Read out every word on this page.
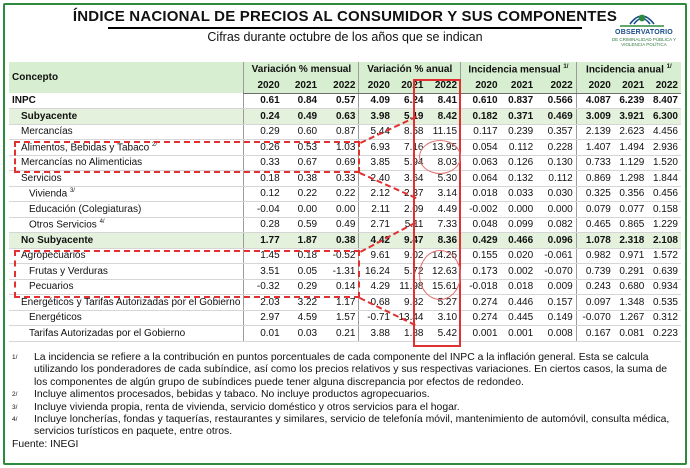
ÍNDICE NACIONAL DE PRECIOS AL CONSUMIDOR Y SUS COMPONENTES
Cifras durante octubre de los años que se indican	OBSERVATORIO
DE CRIMINALIDAD PÚBLICA Y VIOLENCIA POLÍTICA
Concepto	Variación % mensual			Variación % anual			Incidencia mensual $^{1/}$			Incidencia anual $^{1/}$
	2020	2021	2022	2020	2021	2022	2020	2021	2022	2020	2021	2022
INPC	0.61	0.84	0.57	4.09	6.24	8.41	0.610	0.837	0.566	4.087	6.239	8.407
Subyacente	0.24	0.49	0.63	3.98	5.19	8.42	0.182	0.371	0.469	3.009	3.921	6.300
Mercancías	0.29	0.60	0.87	5.44	8.58	11.15	0.117	0.239	0.357	2.139	2.623	4.456
Alimentos, Bebidas y Tabaco $^{2/}$	0.26	0.53	1.03	6.93	7.16	13.95	0.054	0.112	0.228	1.407	1.494	2.936
Mercancías no Alimenticias	0.33	0.67	0.69	3.85	5.94	8.03	0.063	0.126	0.130	0.733	1.129	1.520
Servicios	0.18	0.38	0.33	2.40	3.64	5.30	0.064	0.132	0.112	0.869	1.298	1.844
Vivienda $^{3/}$	0.12	0.22	0.22	2.12	2.37	3.14	0.018	0.033	0.030	0.325	0.356	0.456
Educación (Colegiaturas)	-0.04	0.00	0.00	2.11	2.09	4.49	-0.002	0.000	0.000	0.079	0.077	0.158
Otros Servicios $^{4/}$	0.28	0.59	0.49	2.71	5.11	7.33	0.048	0.099	0.082	0.465	0.865	1.229
No Subyacente	1.77	1.87	0.38	4.42	9.47	8.36	0.429	0.466	0.096	1.078	2.318	2.108
Agropecuarios	1.45	0.18	-0.52	9.61	9.02	14.25	0.155	0.020	-0.061	0.982	0.971	1.572
Frutas y Verduras	3.51	0.05	-1.31	16.24	5.72	12.63	0.173	0.002	-0.070	0.739	0.291	0.639
Pecuarios	-0.32	0.29	0.14	4.29	11.98	15.61	-0.018	0.018	0.009	0.243	0.680	0.934
Energéticos y Tarifas Autorizadas por el Gobierno	2.03	3.22	1.17	0.68	9.82	5.27	0.274	0.446	0.157	0.097	1.348	0.535
Energéticos	2.97	4.59	1.57	-0.71	13.44	3.10	0.274	0.445	0.149	-0.070	1.267	0.312
Tarifas Autorizadas por el Gobierno	0.01	0.03	0.21	3.88	1.88	5.42	0.001	0.001	0.008	0.167	0.081	0.223
1/ La incidencia se refiere a la contribución en puntos porcentuales de cada componente del INPC a la inflación general. Esta se calcula utilizando los ponderadores de cada subíndice, así como los precios relativos y sus respectivas variaciones. En ciertos casos, la suma de los componentes de algún grupo de subíndices puede tener alguna discrepancia por efectos de redondeo.
2/ Incluye alimentos procesados, bebidas y tabaco. No incluye productos agropecuarios.
3/ Incluye vivienda propia, renta de vivienda, servicio doméstico y otros servicios para el hogar.
4/ Incluye loncherías, fondas y taquerías, restaurantes y similares, servicio de telefonía móvil, mantenimiento de automóvil, consulta médica, servicios turísticos en paquete, entre otros.
Fuente: INEGI
